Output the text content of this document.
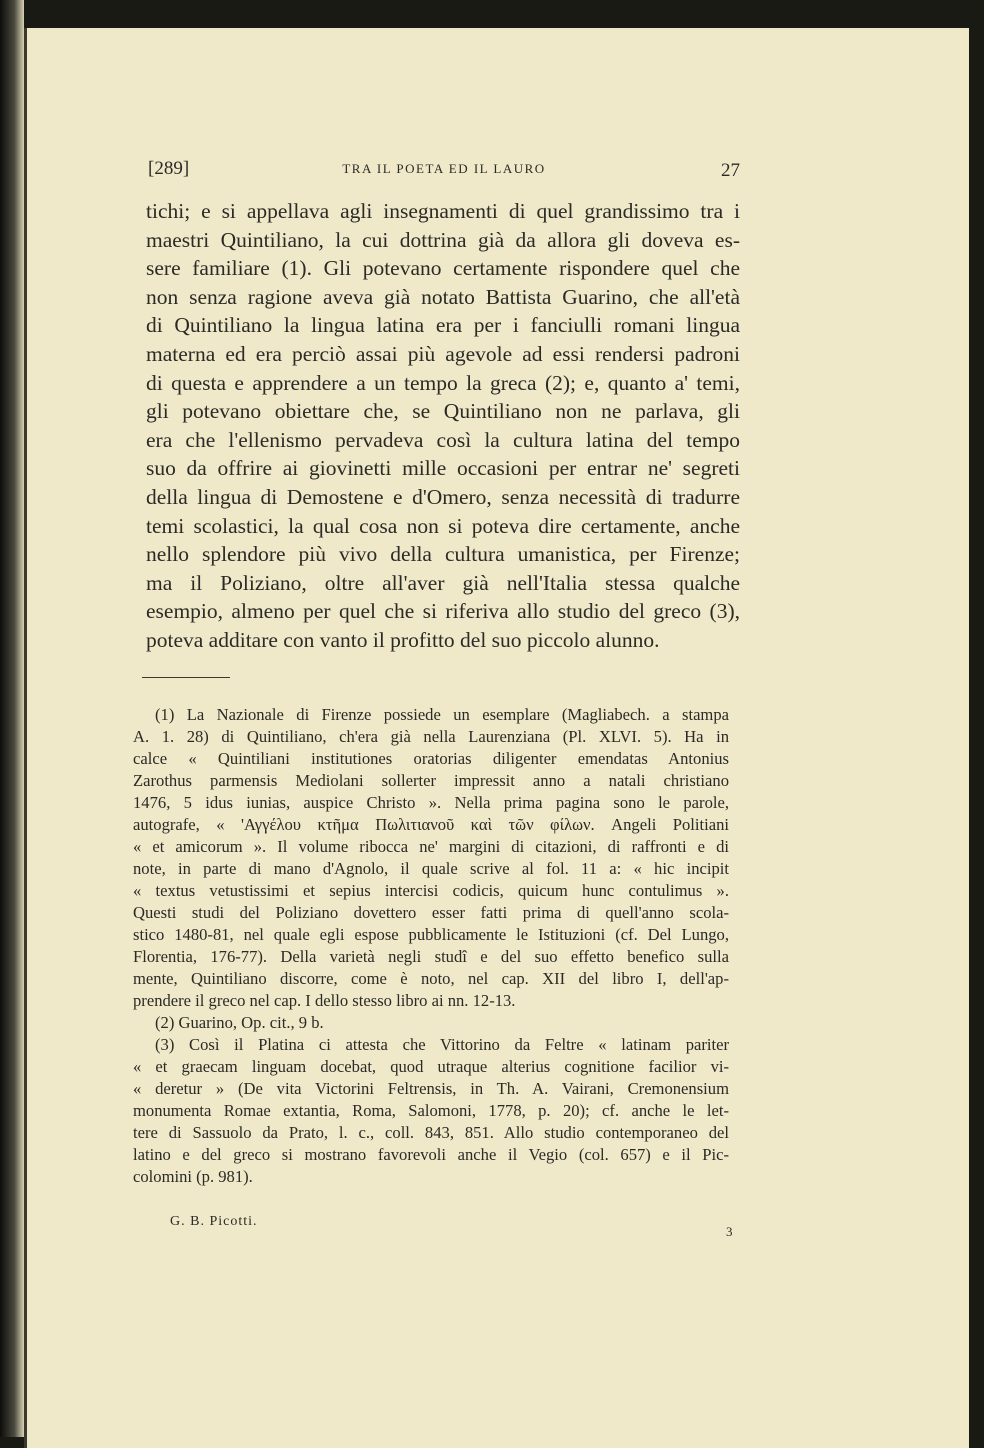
[289]	TRA IL POETA ED IL LAURO	27
tichi; e si appellava agli insegnamenti di quel grandissimo tra i
maestri Quintiliano, la cui dottrina già da allora gli doveva es-
sere familiare (1). Gli potevano certamente rispondere quel che
non senza ragione aveva già notato Battista Guarino, che all'età
di Quintiliano la lingua latina era per i fanciulli romani lingua
materna ed era perciò assai più agevole ad essi rendersi padroni
di questa e apprendere a un tempo la greca (2); e, quanto a' temi,
gli potevano obiettare che, se Quintiliano non ne parlava, gli
era che l'ellenismo pervadeva così la cultura latina del tempo
suo da offrire ai giovinetti mille occasioni per entrar ne' segreti
della lingua di Demostene e d'Omero, senza necessità di tradurre
temi scolastici, la qual cosa non si poteva dire certamente, anche
nello splendore più vivo della cultura umanistica, per Firenze;
ma il Poliziano, oltre all'aver già nell'Italia stessa qualche
esempio, almeno per quel che si riferiva allo studio del greco (3),
poteva additare con vanto il profitto del suo piccolo alunno.
(1) La Nazionale di Firenze possiede un esemplare (Magliabech. a stampa
A. 1. 28) di Quintiliano, ch'era già nella Laurenziana (Pl. XLVI. 5). Ha in
calce « Quintiliani institutiones oratorias diligenter emendatas Antonius
Zarothus parmensis Mediolani sollerter impressit anno a natali christiano
1476, 5 idus iunias, auspice Christo ». Nella prima pagina sono le parole,
autografe, « 'Αγγέλου κτῆμα Πωλιτιανοῦ καὶ τῶν φίλων. Angeli Politiani
« et amicorum ». Il volume ribocca ne' margini di citazioni, di raffronti e di
note, in parte di mano d'Agnolo, il quale scrive al fol. 11 a: « hic incipit
« textus vetustissimi et sepius intercisi codicis, quicum hunc contulimus ».
Questi studi del Poliziano dovettero esser fatti prima di quell'anno scola-
stico 1480-81, nel quale egli espose pubblicamente le Istituzioni (cf. Del Lungo,
Florentia, 176-77). Della varietà negli studî e del suo effetto benefico sulla
mente, Quintiliano discorre, come è noto, nel cap. XII del libro I, dell'ap-
prendere il greco nel cap. I dello stesso libro ai nn. 12-13.
(2) Guarino, Op. cit., 9 b.
(3) Così il Platina ci attesta che Vittorino da Feltre « latinam pariter
« et graecam linguam docebat, quod utraque alterius cognitione facilior vi-
« deretur » (De vita Victorini Feltrensis, in Th. A. Vairani, Cremonensium
monumenta Romae extantia, Roma, Salomoni, 1778, p. 20); cf. anche le let-
tere di Sassuolo da Prato, l. c., coll. 843, 851. Allo studio contemporaneo del
latino e del greco si mostrano favorevoli anche il Vegio (col. 657) e il Pic-
colomini (p. 981).
G. B. Picotti.
3
